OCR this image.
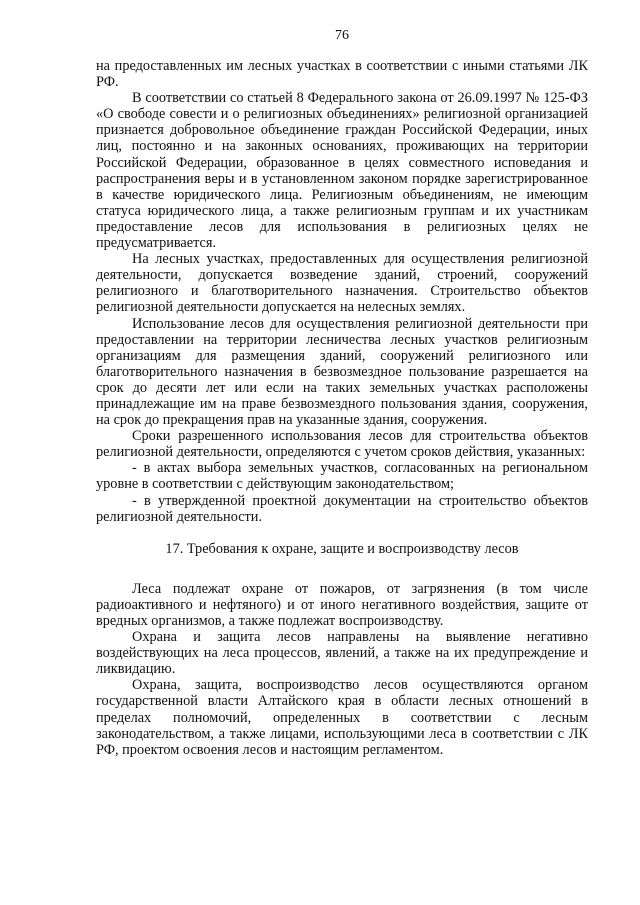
76

на предоставленных им лесных участках в соответствии с иными статьями ЛК РФ.

В соответствии со статьей 8 Федерального закона от 26.09.1997 № 125-ФЗ «О свободе совести и о религиозных объединениях» религиозной организацией признается добровольное объединение граждан Российской Федерации, иных лиц, постоянно и на законных основаниях, проживающих на территории Российской Федерации, образованное в целях совместного исповедания и распространения веры и в установленном законом порядке зарегистрированное в качестве юридического лица. Религиозным объединениям, не имеющим статуса юридического лица, а также религиозным группам и их участникам предоставление лесов для использования в религиозных целях не предусматривается.

На лесных участках, предоставленных для осуществления религиозной деятельности, допускается возведение зданий, строений, сооружений религиозного и благотворительного назначения. Строительство объектов религиозной деятельности допускается на нелесных землях.

Использование лесов для осуществления религиозной деятельности при предоставлении на территории лесничества лесных участков религиозным организациям для размещения зданий, сооружений религиозного или благотворительного назначения в безвозмездное пользование разрешается на срок до десяти лет или если на таких земельных участках расположены принадлежащие им на праве безвозмездного пользования здания, сооружения, на срок до прекращения прав на указанные здания, сооружения.

Сроки разрешенного использования лесов для строительства объектов религиозной деятельности, определяются с учетом сроков действия, указанных:

- в актах выбора земельных участков, согласованных на региональном уровне в соответствии с действующим законодательством;

- в утвержденной проектной документации на строительство объектов религиозной деятельности.

17. Требования к охране, защите и воспроизводству лесов

Леса подлежат охране от пожаров, от загрязнения (в том числе радиоактивного и нефтяного) и от иного негативного воздействия, защите от вредных организмов, а также подлежат воспроизводству.

Охрана и защита лесов направлены на выявление негативно воздействующих на леса процессов, явлений, а также на их предупреждение и ликвидацию.

Охрана, защита, воспроизводство лесов осуществляются органом государственной власти Алтайского края в области лесных отношений в пределах полномочий, определенных в соответствии с лесным законодательством, а также лицами, использующими леса в соответствии с ЛК РФ, проектом освоения лесов и настоящим регламентом.
